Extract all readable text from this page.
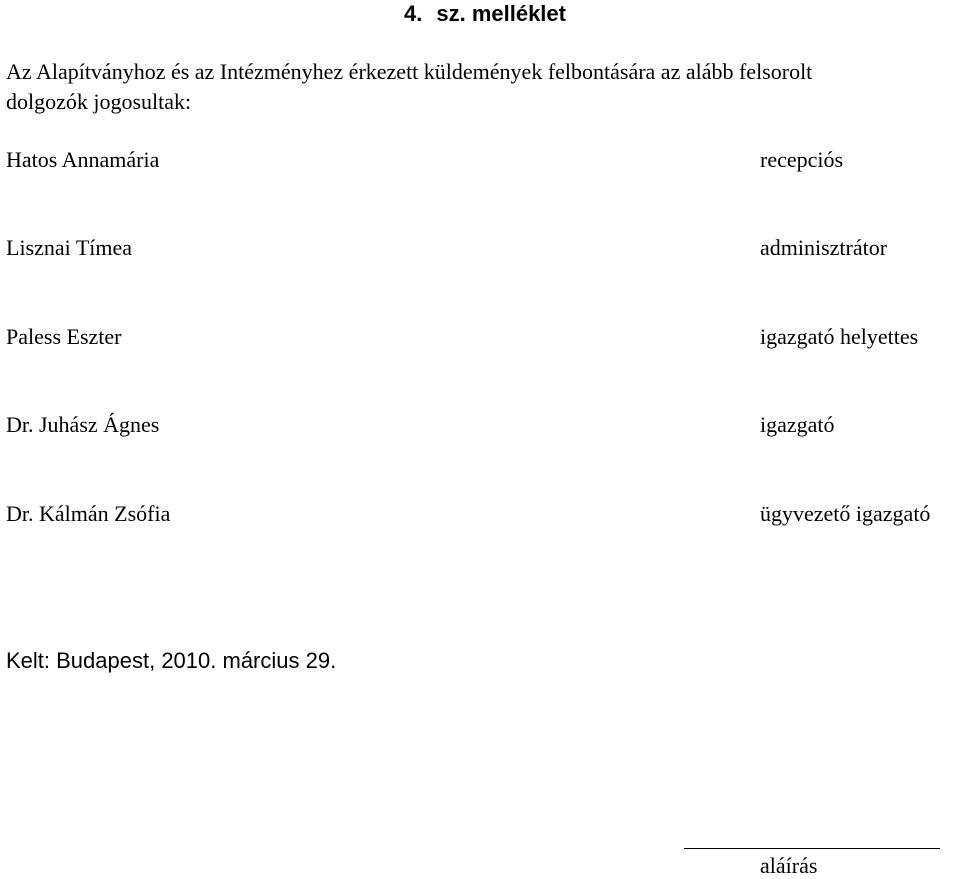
4. sz. melléklet
Az Alapítványhoz és az Intézményhez érkezett küldemények felbontására az alább felsorolt
dolgozók jogosultak:
Hatos Annamária	recepciós
Lisznai Tímea	adminisztrátor
Paless Eszter	igazgató helyettes
Dr. Juhász Ágnes	igazgató
Dr. Kálmán Zsófia	ügyvezető igazgató
Kelt: Budapest, 2010. március 29.
aláírás
